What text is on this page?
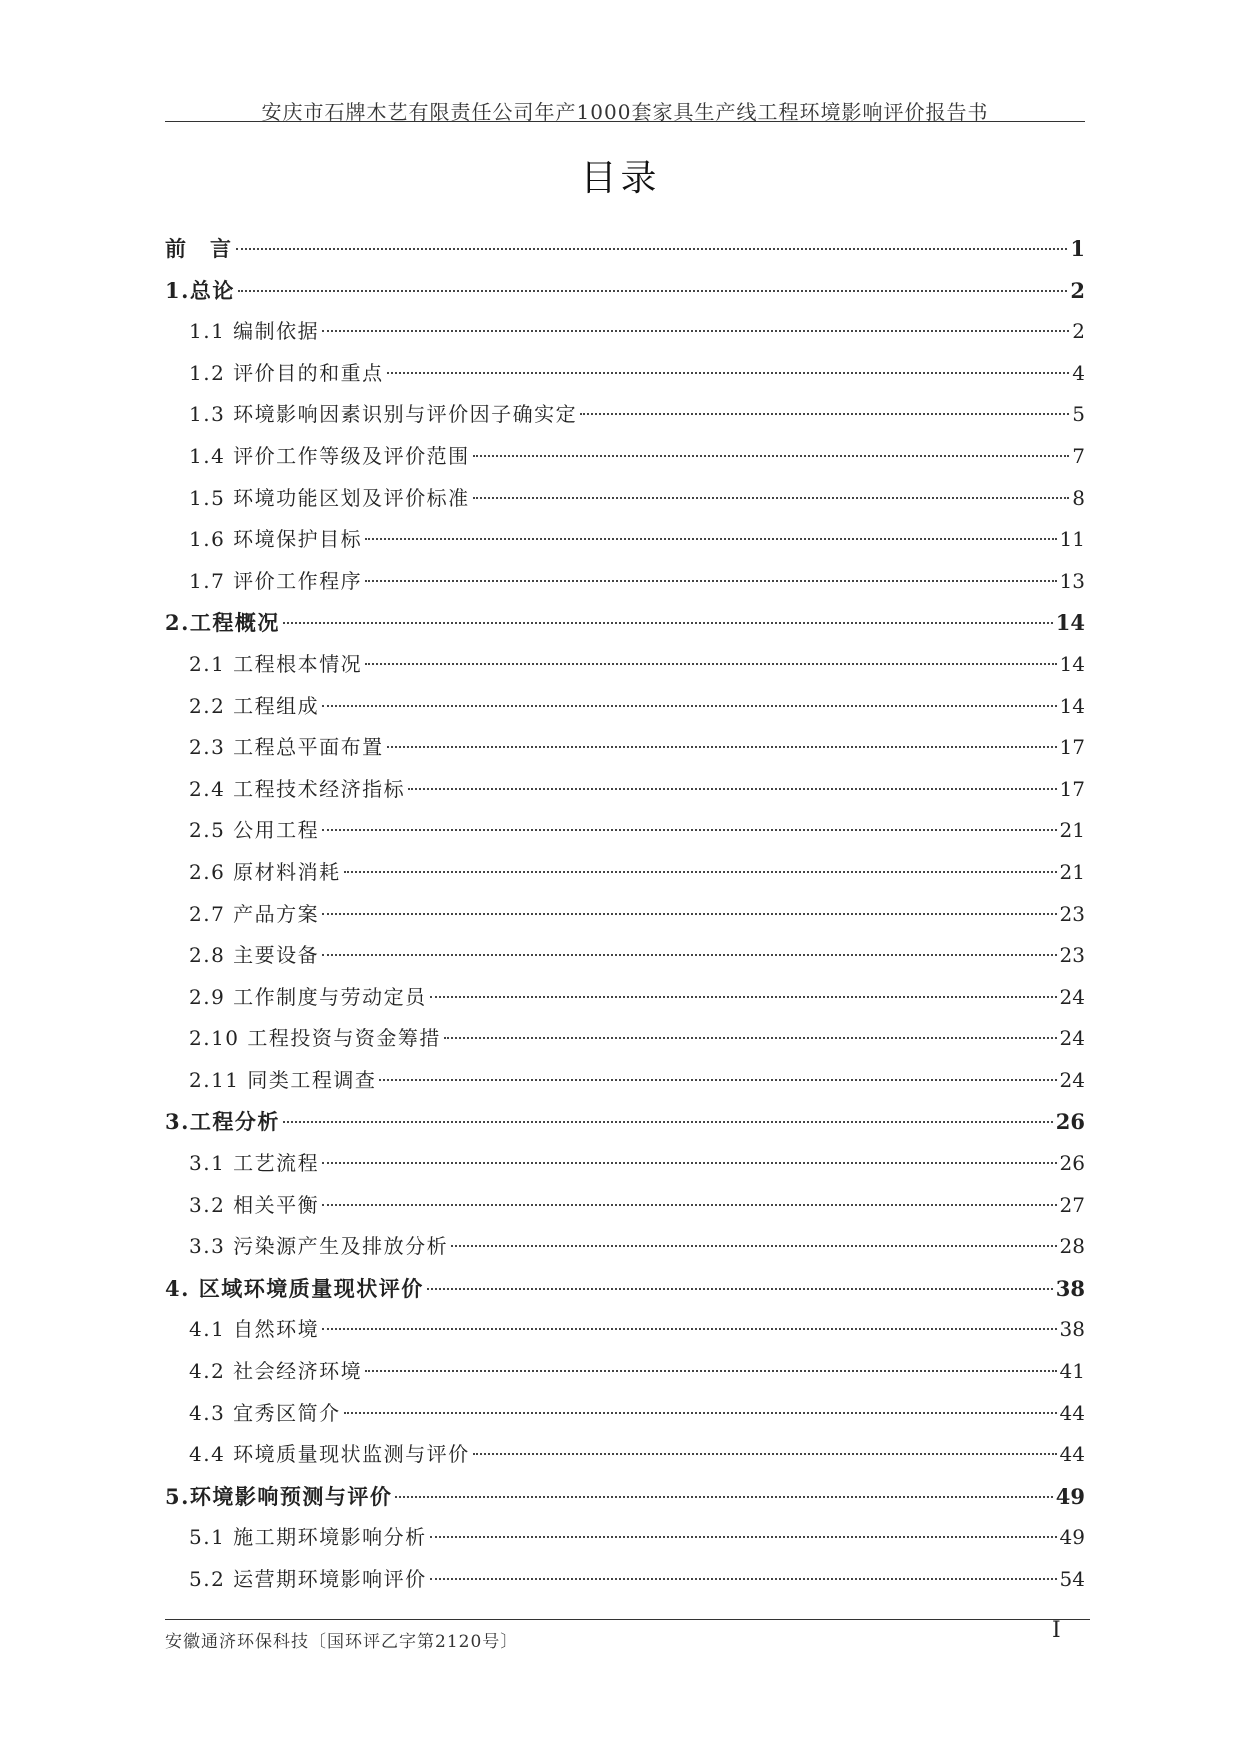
安庆市石牌木艺有限责任公司年产1000套家具生产线工程环境影响评价报告书
目录
前　言	1
1.总论	2
1.1 编制依据	2
1.2 评价目的和重点	4
1.3 环境影响因素识别与评价因子确实定	5
1.4 评价工作等级及评价范围	7
1.5 环境功能区划及评价标准	8
1.6 环境保护目标	11
1.7 评价工作程序	13
2.工程概况	14
2.1 工程根本情况	14
2.2 工程组成	14
2.3 工程总平面布置	17
2.4 工程技术经济指标	17
2.5 公用工程	21
2.6 原材料消耗	21
2.7 产品方案	23
2.8 主要设备	23
2.9 工作制度与劳动定员	24
2.10 工程投资与资金筹措	24
2.11 同类工程调查	24
3.工程分析	26
3.1 工艺流程	26
3.2 相关平衡	27
3.3 污染源产生及排放分析	28
4. 区域环境质量现状评价	38
4.1 自然环境	38
4.2 社会经济环境	41
4.3 宜秀区简介	44
4.4 环境质量现状监测与评价	44
5.环境影响预测与评价	49
5.1 施工期环境影响分析	49
5.2 运营期环境影响评价	54
安徽通济环保科技〔国环评乙字第2120号〕	I
